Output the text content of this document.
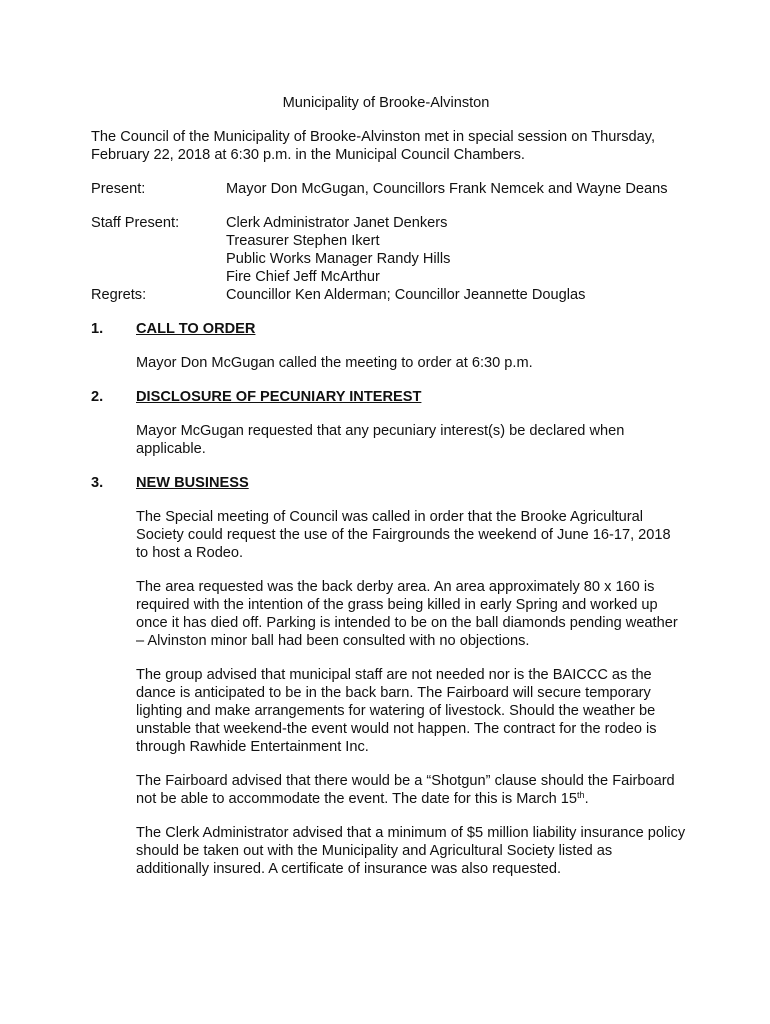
Municipality of Brooke-Alvinston
The Council of the Municipality of Brooke-Alvinston met in special session on Thursday, February 22, 2018 at 6:30 p.m. in the Municipal Council Chambers.
Present:	Mayor Don McGugan, Councillors Frank Nemcek and Wayne Deans
Staff Present:	Clerk Administrator Janet Denkers
Treasurer Stephen Ikert
Public Works Manager Randy Hills
Fire Chief Jeff McArthur
Regrets:	Councillor Ken Alderman; Councillor Jeannette Douglas
1.	CALL TO ORDER
Mayor Don McGugan called the meeting to order at 6:30 p.m.
2.	DISCLOSURE OF PECUNIARY INTEREST
Mayor McGugan requested that any pecuniary interest(s) be declared when applicable.
3.	NEW BUSINESS
The Special meeting of Council was called in order that the Brooke Agricultural Society could request the use of the Fairgrounds the weekend of June 16-17, 2018 to host a Rodeo.
The area requested was the back derby area. An area approximately 80 x 160 is required with the intention of the grass being killed in early Spring and worked up once it has died off. Parking is intended to be on the ball diamonds pending weather – Alvinston minor ball had been consulted with no objections.
The group advised that municipal staff are not needed nor is the BAICCC as the dance is anticipated to be in the back barn. The Fairboard will secure temporary lighting and make arrangements for watering of livestock. Should the weather be unstable that weekend-the event would not happen. The contract for the rodeo is through Rawhide Entertainment Inc.
The Fairboard advised that there would be a “Shotgun” clause should the Fairboard not be able to accommodate the event. The date for this is March 15th.
The Clerk Administrator advised that a minimum of $5 million liability insurance policy should be taken out with the Municipality and Agricultural Society listed as additionally insured. A certificate of insurance was also requested.
